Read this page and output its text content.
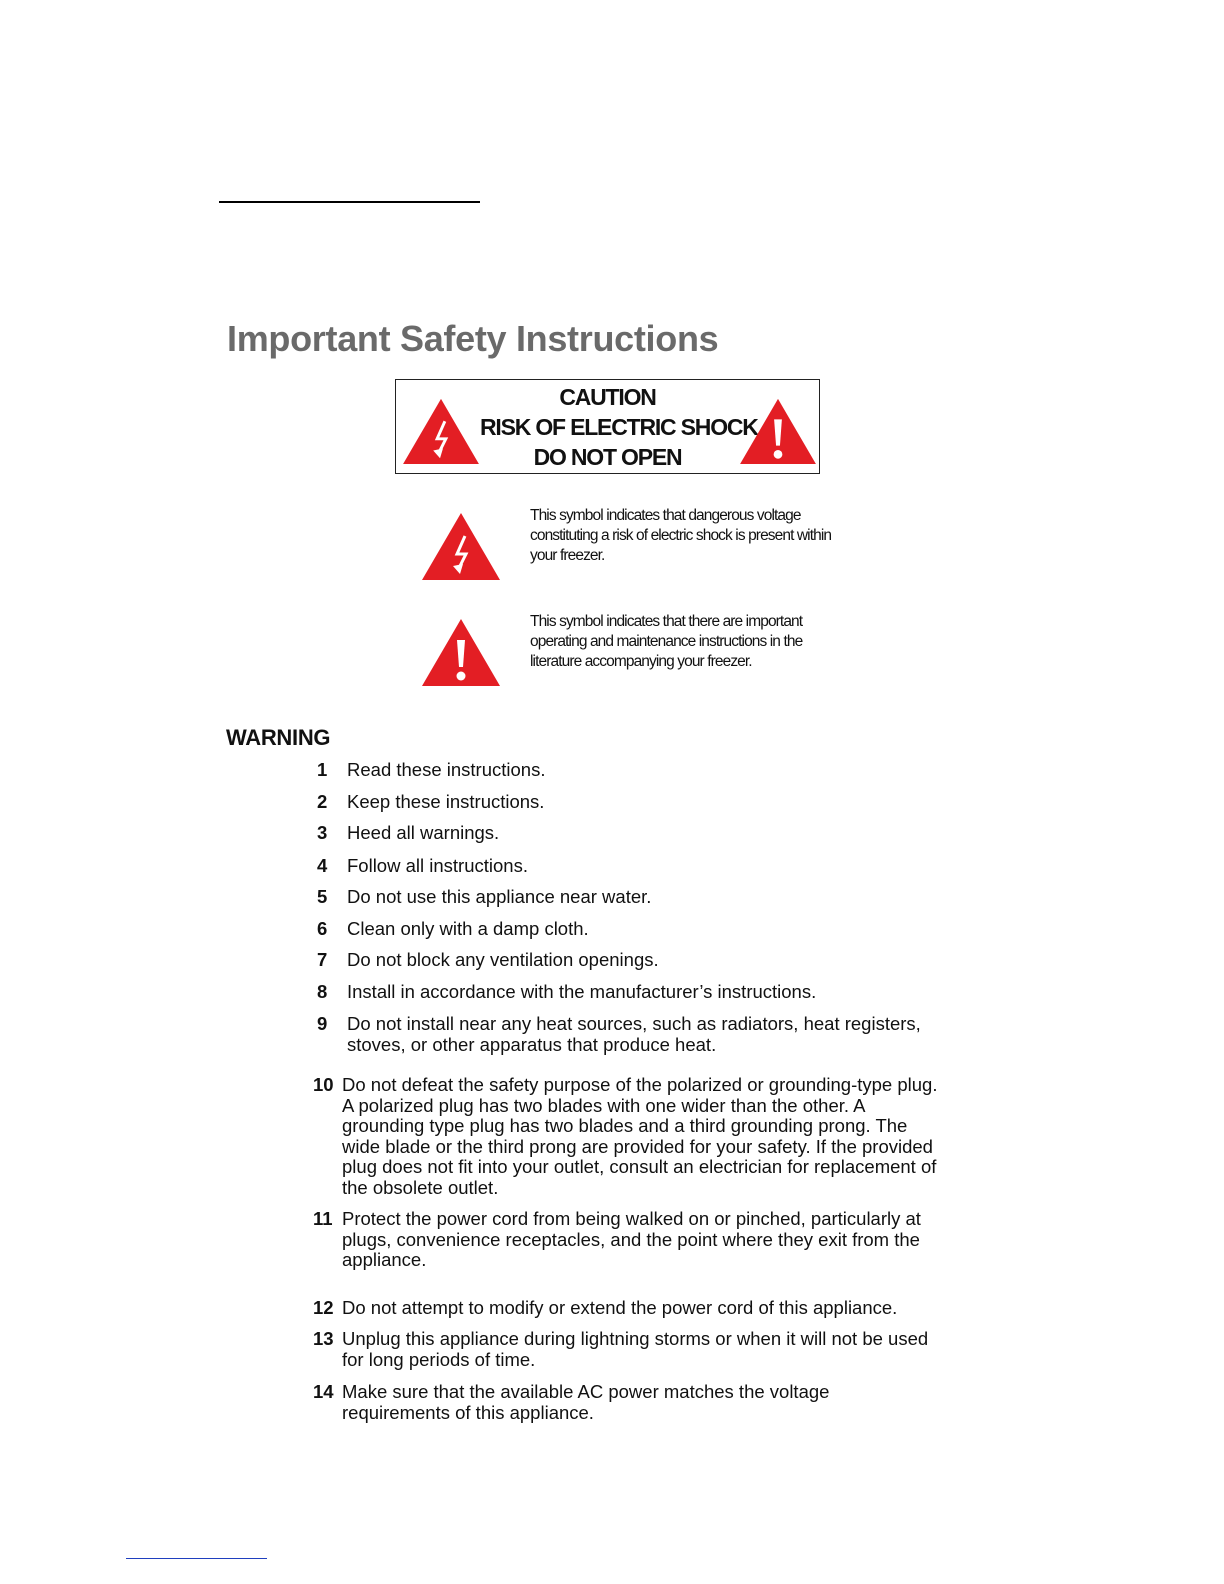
Important Safety Instructions
CAUTION
RISK OF ELECTRIC SHOCK
DO NOT OPEN
This symbol indicates that dangerous voltage constituting a risk of electric shock is present within your freezer.
This symbol indicates that there are important operating and maintenance instructions in the literature accompanying your freezer.
WARNING
1 Read these instructions.
2 Keep these instructions.
3 Heed all warnings.
4 Follow all instructions.
5 Do not use this appliance near water.
6 Clean only with a damp cloth.
7 Do not block any ventilation openings.
8 Install in accordance with the manufacturer’s instructions.
9 Do not install near any heat sources, such as radiators, heat registers, stoves, or other apparatus that produce heat.
10 Do not defeat the safety purpose of the polarized or grounding-type plug. A polarized plug has two blades with one wider than the other. A grounding type plug has two blades and a third grounding prong. The wide blade or the third prong are provided for your safety. If the provided plug does not fit into your outlet, consult an electrician for replacement of the obsolete outlet.
11 Protect the power cord from being walked on or pinched, particularly at plugs, convenience receptacles, and the point where they exit from the appliance.
12 Do not attempt to modify or extend the power cord of this appliance.
13 Unplug this appliance during lightning storms or when it will not be used for long periods of time.
14 Make sure that the available AC power matches the voltage requirements of this appliance.
